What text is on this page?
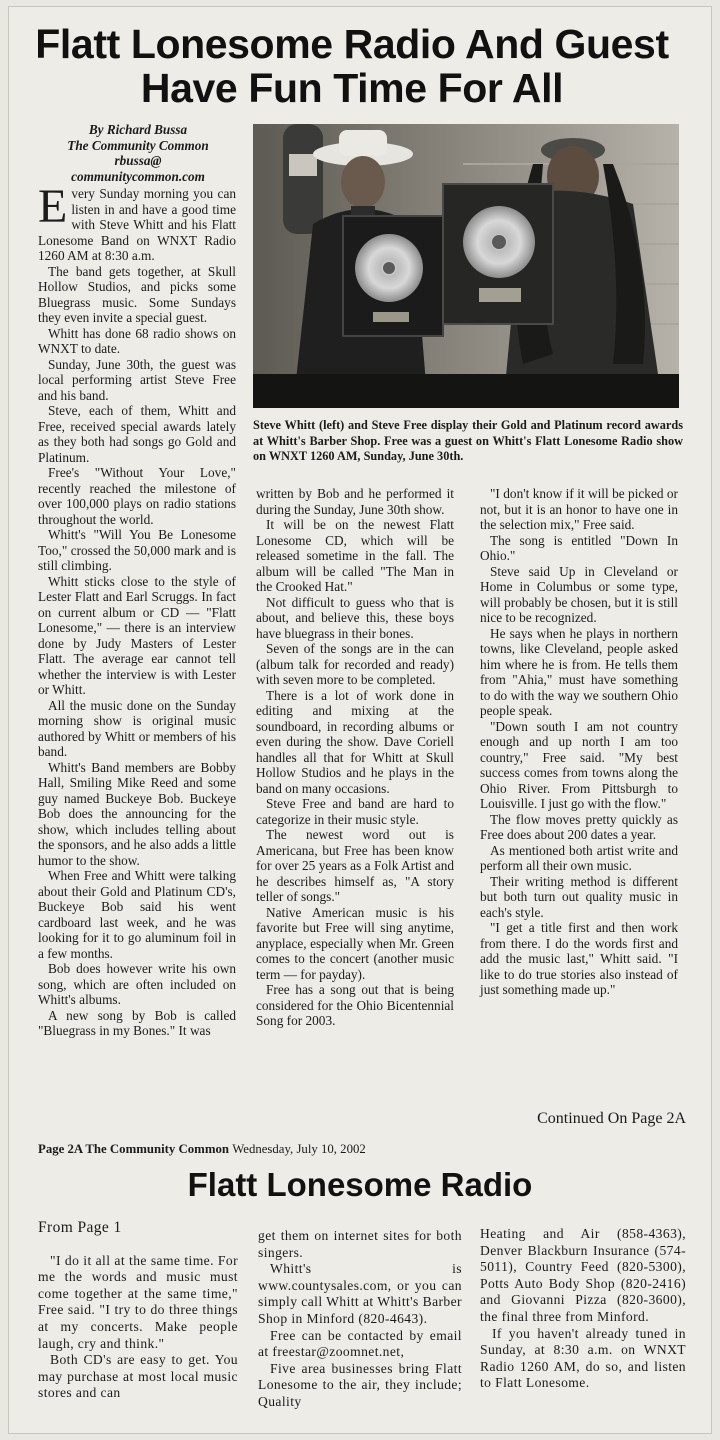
Flatt Lonesome Radio And Guest Have Fun Time For All
By Richard Bussa
The Community Common
rbussa@
communitycommon.com
Steve Whitt (left) and Steve Free display their Gold and Platinum record awards at Whitt's Barber Shop. Free was a guest on Whitt's Flatt Lonesome Radio show on WNXT 1260 AM, Sunday, June 30th.

Every Sunday morning you can listen in and have a good time with Steve Whitt and his Flatt Lonesome Band on WNXT Radio 1260 AM at 8:30 a.m.

The band gets together, at Skull Hollow Studios, and picks some Bluegrass music. Some Sundays they even invite a special guest.

Whitt has done 68 radio shows on WNXT to date.

Sunday, June 30th, the guest was local performing artist Steve Free and his band.

Steve, each of them, Whitt and Free, received special awards lately as they both had songs go Gold and Platinum.

Free's "Without Your Love," recently reached the milestone of over 100,000 plays on radio stations throughout the world.

Whitt's "Will You Be Lonesome Too," crossed the 50,000 mark and is still climbing.

Whitt sticks close to the style of Lester Flatt and Earl Scruggs. In fact on current album or CD — "Flatt Lonesome," — there is an interview done by Judy Masters of Lester Flatt. The average ear cannot tell whether the interview is with Lester or Whitt.

All the music done on the Sunday morning show is original music authored by Whitt or members of his band.

Whitt's Band members are Bobby Hall, Smiling Mike Reed and some guy named Buckeye Bob. Buckeye Bob does the announcing for the show, which includes telling about the sponsors, and he also adds a little humor to the show.

When Free and Whitt were talking about their Gold and Platinum CD's, Buckeye Bob said his went cardboard last week, and he was looking for it to go aluminum foil in a few months.

Bob does however write his own song, which are often included on Whitt's albums.

A new song by Bob is called "Bluegrass in my Bones." It was

written by Bob and he performed it during the Sunday, June 30th show.

It will be on the newest Flatt Lonesome CD, which will be released sometime in the fall. The album will be called "The Man in the Crooked Hat."

Not difficult to guess who that is about, and believe this, these boys have bluegrass in their bones.

Seven of the songs are in the can (album talk for recorded and ready) with seven more to be completed.

There is a lot of work done in editing and mixing at the soundboard, in recording albums or even during the show. Dave Coriell handles all that for Whitt at Skull Hollow Studios and he plays in the band on many occasions.

Steve Free and band are hard to categorize in their music style.

The newest word out is Americana, but Free has been know for over 25 years as a Folk Artist and he describes himself as, "A story teller of songs."

Native American music is his favorite but Free will sing anytime, anyplace, especially when Mr. Green comes to the concert (another music term — for payday).

Free has a song out that is being considered for the Ohio Bicentennial Song for 2003.

"I don't know if it will be picked or not, but it is an honor to have one in the selection mix," Free said.

The song is entitled "Down In Ohio."

Steve said Up in Cleveland or Home in Columbus or some type, will probably be chosen, but it is still nice to be recognized.

He says when he plays in northern towns, like Cleveland, people asked him where he is from. He tells them from "Ahia," must have something to do with the way we southern Ohio people speak.

"Down south I am not country enough and up north I am too country," Free said. "My best success comes from towns along the Ohio River. From Pittsburgh to Louisville. I just go with the flow."

The flow moves pretty quickly as Free does about 200 dates a year.

As mentioned both artist write and perform all their own music.

Their writing method is different but both turn out quality music in each's style.

"I get a title first and then work from there. I do the words first and add the music last," Whitt said. "I like to do true stories also instead of just something made up."

Continued On Page 2A
Page 2A The Community Common Wednesday, July 10, 2002
Flatt Lonesome Radio

From Page 1

"I do it all at the same time. For me the words and music must come together at the same time," Free said. "I try to do three things at my concerts. Make people laugh, cry and think."

Both CD's are easy to get. You may purchase at most local music stores and can

get them on internet sites for both singers.

Whitt's is www.countysales.com, or you can simply call Whitt at Whitt's Barber Shop in Minford (820-4643).

Free can be contacted by email at freestar@zoomnet.net,

Five area businesses bring Flatt Lonesome to the air, they include; Quality

Heating and Air (858-4363), Denver Blackburn Insurance (574-5011), Country Feed (820-5300), Potts Auto Body Shop (820-2416) and Giovanni Pizza (820-3600), the final three from Minford.

If you haven't already tuned in Sunday, at 8:30 a.m. on WNXT Radio 1260 AM, do so, and listen to Flatt Lonesome.
